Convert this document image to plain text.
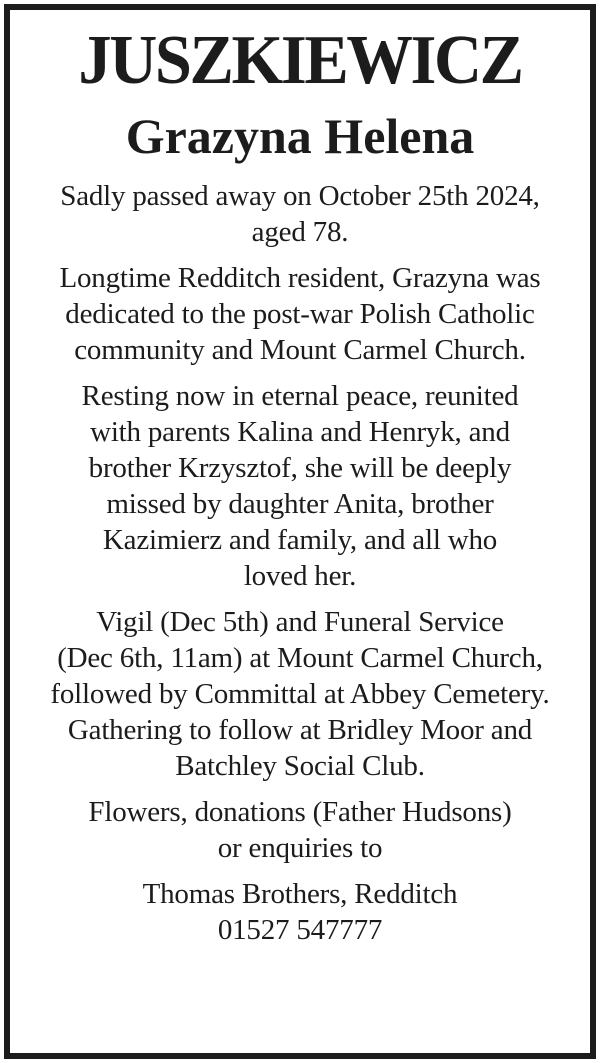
JUSZKIEWICZ
Grazyna Helena

Sadly passed away on October 25th 2024,
aged 78.

Longtime Redditch resident, Grazyna was
dedicated to the post-war Polish Catholic
community and Mount Carmel Church.

Resting now in eternal peace, reunited
with parents Kalina and Henryk, and
brother Krzysztof, she will be deeply
missed by daughter Anita, brother
Kazimierz and family, and all who
loved her.

Vigil (Dec 5th) and Funeral Service
(Dec 6th, 11am) at Mount Carmel Church,
followed by Committal at Abbey Cemetery.
Gathering to follow at Bridley Moor and
Batchley Social Club.

Flowers, donations (Father Hudsons)
or enquiries to

Thomas Brothers, Redditch
01527 547777
